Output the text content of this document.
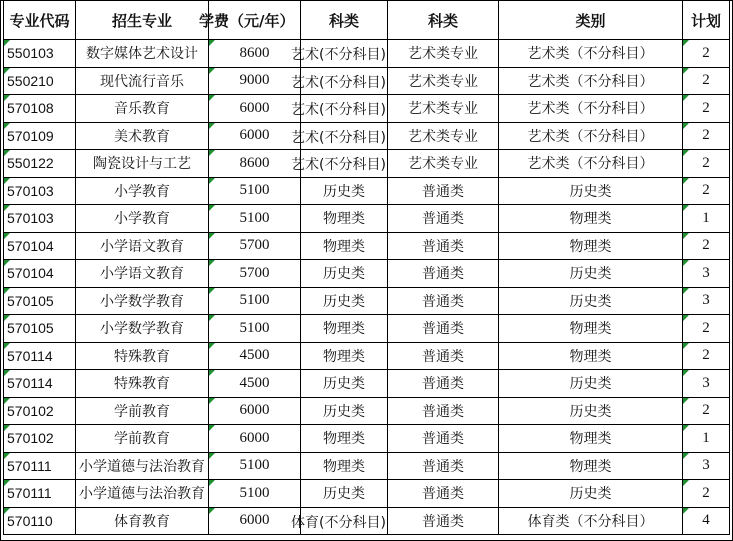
专业代码	招生专业	学费（元/年）	科类	科类	类别	计划

550103	数字媒体艺术设计	8600	艺术(不分科目)	艺术类专业	艺术类（不分科目）	2

550210	现代流行音乐	9000	艺术(不分科目)	艺术类专业	艺术类（不分科目）	2

570108	音乐教育	6000	艺术(不分科目)	艺术类专业	艺术类（不分科目）	2

570109	美术教育	6000	艺术(不分科目)	艺术类专业	艺术类（不分科目）	2

550122	陶瓷设计与工艺	8600	艺术(不分科目)	艺术类专业	艺术类（不分科目）	2

570103	小学教育	5100	历史类	普通类	历史类	2

570103	小学教育	5100	物理类	普通类	物理类	1

570104	小学语文教育	5700	物理类	普通类	物理类	2

570104	小学语文教育	5700	历史类	普通类	历史类	3

570105	小学数学教育	5100	历史类	普通类	历史类	3

570105	小学数学教育	5100	物理类	普通类	物理类	2

570114	特殊教育	4500	物理类	普通类	物理类	2

570114	特殊教育	4500	历史类	普通类	历史类	3

570102	学前教育	6000	历史类	普通类	历史类	2

570102	学前教育	6000	物理类	普通类	物理类	1

570111	小学道德与法治教育	5100	物理类	普通类	物理类	3

570111	小学道德与法治教育	5100	历史类	普通类	历史类	2

570110	体育教育	6000	体育(不分科目)	普通类	体育类（不分科目）	4
